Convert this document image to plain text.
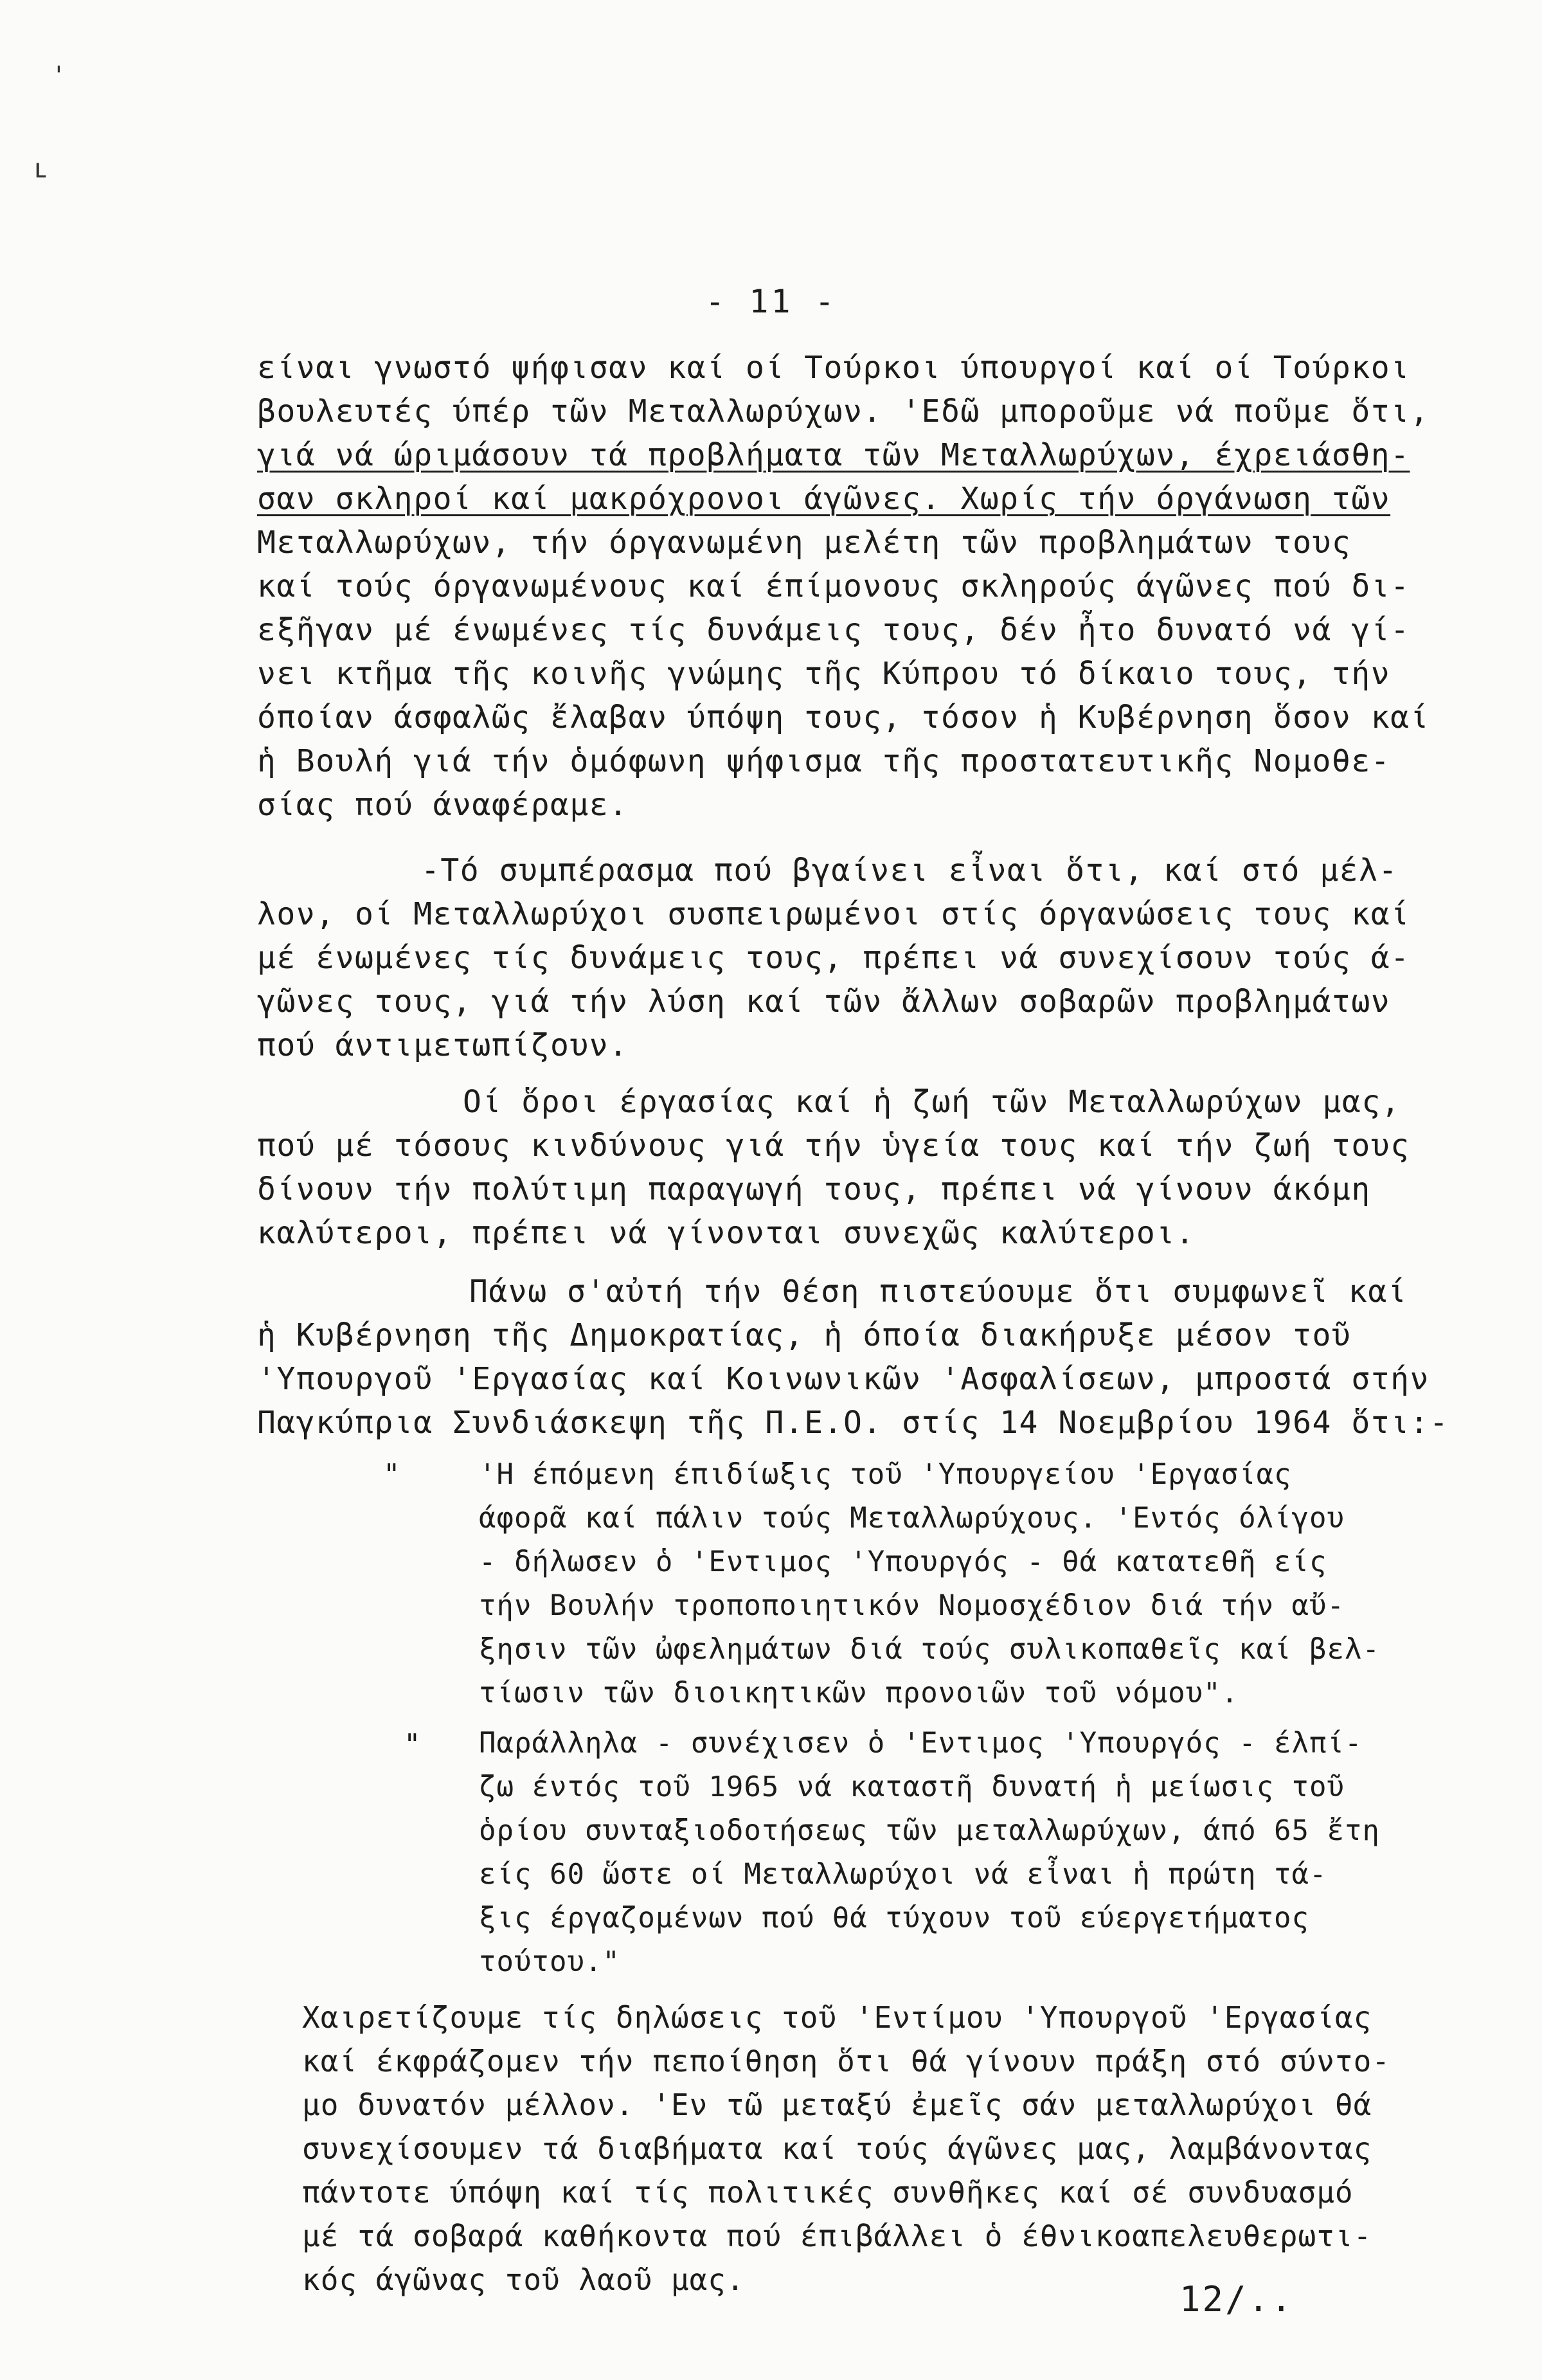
'
ʟ
- 11 -
είναι γνωστό ψήφισαν καί οί Τούρκοι ύπουργοί καί οί Τούρκοι
βουλευτές ύπέρ τῶν Μεταλλωρύχων. 'Εδῶ μποροῦμε νά ποῦμε ὅτι,
γιά νά ώριμάσουν τά προβλήματα τῶν Μεταλλωρύχων, έχρειάσθη-
σαν σκληροί καί μακρόχρονοι άγῶνες. Χωρίς τήν όργάνωση τῶν
Μεταλλωρύχων, τήν όργανωμένη μελέτη τῶν προβλημάτων τους
καί τούς όργανωμένους καί έπίμονους σκληρούς άγῶνες πού δι-
εξῆγαν μέ ένωμένες τίς δυνάμεις τους, δέν ἦτο δυνατό νά γί-
νει κτῆμα τῆς κοινῆς γνώμης τῆς Κύπρου τό δίκαιο τους, τήν
όποίαν άσφαλῶς ἔλαβαν ύπόψη τους, τόσον ἡ Κυβέρνηση ὅσον καί
ἡ Βουλή γιά τήν ὁμόφωνη ψήφισμα τῆς προστατευτικῆς Νομοθε-
σίας πού άναφέραμε.
-Τό συμπέρασμα πού βγαίνει εἶναι ὅτι, καί στό μέλ-
λον, οί Μεταλλωρύχοι συσπειρωμένοι στίς όργανώσεις τους καί
μέ ένωμένες τίς δυνάμεις τους, πρέπει νά συνεχίσουν τούς ά-
γῶνες τους, γιά τήν λύση καί τῶν ἄλλων σοβαρῶν προβλημάτων
πού άντιμετωπίζουν.
Οί ὅροι έργασίας καί ἡ ζωή τῶν Μεταλλωρύχων μας,
πού μέ τόσους κινδύνους γιά τήν ὑγεία τους καί τήν ζωή τους
δίνουν τήν πολύτιμη παραγωγή τους, πρέπει νά γίνουν άκόμη
καλύτεροι, πρέπει νά γίνονται συνεχῶς καλύτεροι.
Πάνω σ'αὐτή τήν θέση πιστεύουμε ὅτι συμφωνεῖ καί
ἡ Κυβέρνηση τῆς Δημοκρατίας, ἡ όποία διακήρυξε μέσον τοῦ
'Υπουργοῦ 'Εργασίας καί Κοινωνικῶν 'Ασφαλίσεων, μπροστά στήν
Παγκύπρια Συνδιάσκεψη τῆς Π.Ε.Ο. στίς 14 Νοεμβρίου 1964 ὅτι:-
"	'Η έπόμενη έπιδίωξις τοῦ 'Υπουργείου 'Εργασίας
άφορᾶ καί πάλιν τούς Μεταλλωρύχους. 'Εντός όλίγου
- δήλωσεν ὁ 'Εντιμος 'Υπουργός - θά κατατεθῆ είς
τήν Βουλήν τροποποιητικόν Νομοσχέδιον διά τήν αὔ-
ξησιν τῶν ὠφελημάτων διά τούς συλικοπαθεῖς καί βελ-
τίωσιν τῶν διοικητικῶν προνοιῶν τοῦ νόμου".
" Παράλληλα - συνέχισεν ὁ 'Εντιμος 'Υπουργός - έλπί-
ζω έντός τοῦ 1965 νά καταστῆ δυνατή ἡ μείωσις τοῦ
ὁρίου συνταξιοδοτήσεως τῶν μεταλλωρύχων, άπό 65 ἔτη
είς 60 ὥστε οί Μεταλλωρύχοι νά εἶναι ἡ πρώτη τά-
ξις έργαζομένων πού θά τύχουν τοῦ εύεργετήματος
τούτου."
Χαιρετίζουμε τίς δηλώσεις τοῦ 'Εντίμου 'Υπουργοῦ 'Εργασίας
καί έκφράζομεν τήν πεποίθηση ὅτι θά γίνουν πράξη στό σύντο-
μο δυνατόν μέλλον. 'Εν τῶ μεταξύ ἐμεῖς σάν μεταλλωρύχοι θά
συνεχίσουμεν τά διαβήματα καί τούς άγῶνες μας, λαμβάνοντας
πάντοτε ύπόψη καί τίς πολιτικές συνθῆκες καί σέ συνδυασμό
μέ τά σοβαρά καθήκοντα πού έπιβάλλει ὁ έθνικοαπελευθερωτι-
κός άγῶνας τοῦ λαοῦ μας.	12/..
